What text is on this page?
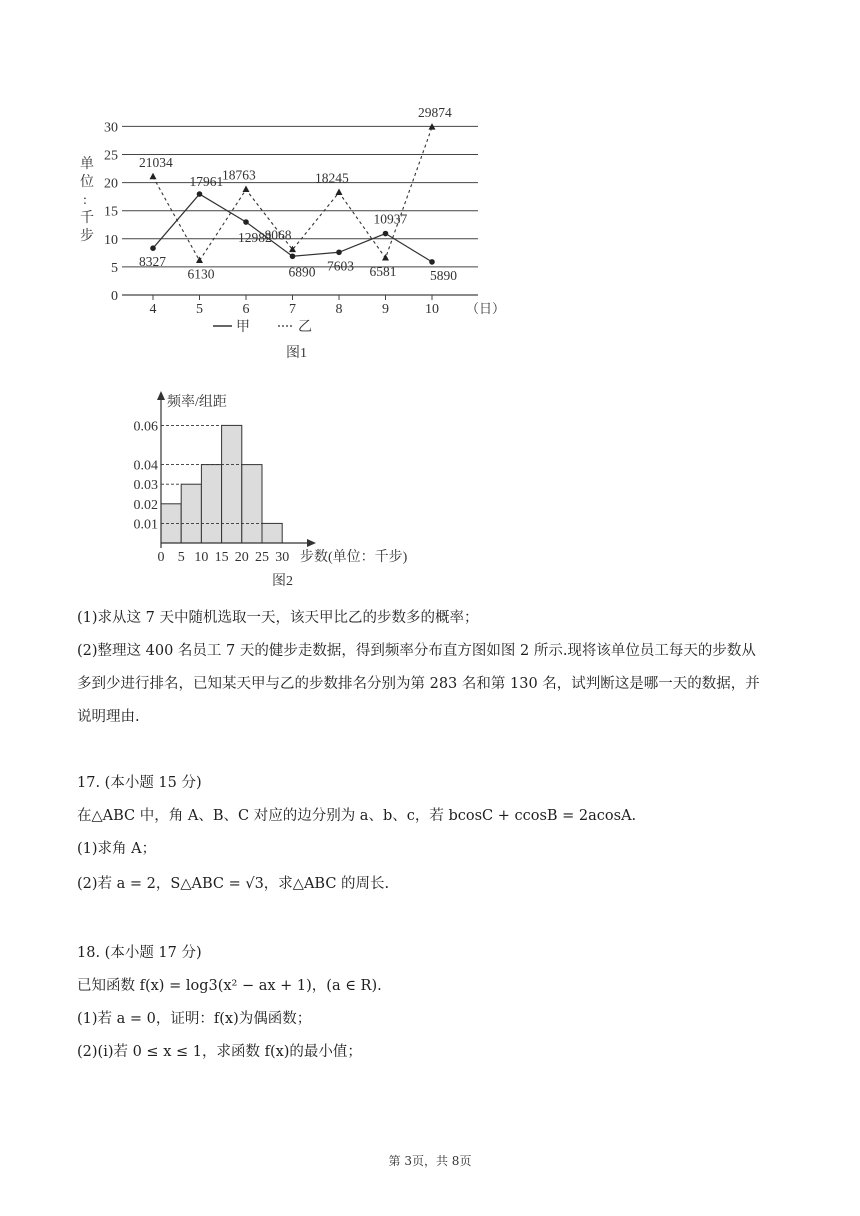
0
5
10
15
20
25
30
4	5	6	7	8	9	10
8327
17961
12982
6890 7603
10937
5890
21034
6130
18763
8068
18245
6581
29874
单
位
:
千
步
（日）
甲	乙
图1
0.01
0.02
0.03
0.04
0.06
0 5 10 15 20 25 30
频率/组距
步数(单位：千步)
图2
(1)求从这 7 天中随机选取一天，该天甲比乙的步数多的概率；
(2)整理这 400 名员工 7 天的健步走数据，得到频率分布直方图如图 2 所示.现将该单位员工每天的步数从
多到少进行排名，已知某天甲与乙的步数排名分别为第 283 名和第 130 名，试判断这是哪一天的数据，并
说明理由.
17. (本小题 15 分)
在△ABC 中，角 A、B、C 对应的边分别为 a、b、c，若 bcosC + ccosB = 2acosA.
(1)求角 A；
(2)若 a = 2，S△ABC = √3，求△ABC 的周长.
18. (本小题 17 分)
已知函数 f(x) = log3(x² − ax + 1)，(a ∈ R).
(1)若 a = 0，证明：f(x)为偶函数；
(2)(i)若 0 ≤ x ≤ 1，求函数 f(x)的最小值；
第 3页，共 8页
